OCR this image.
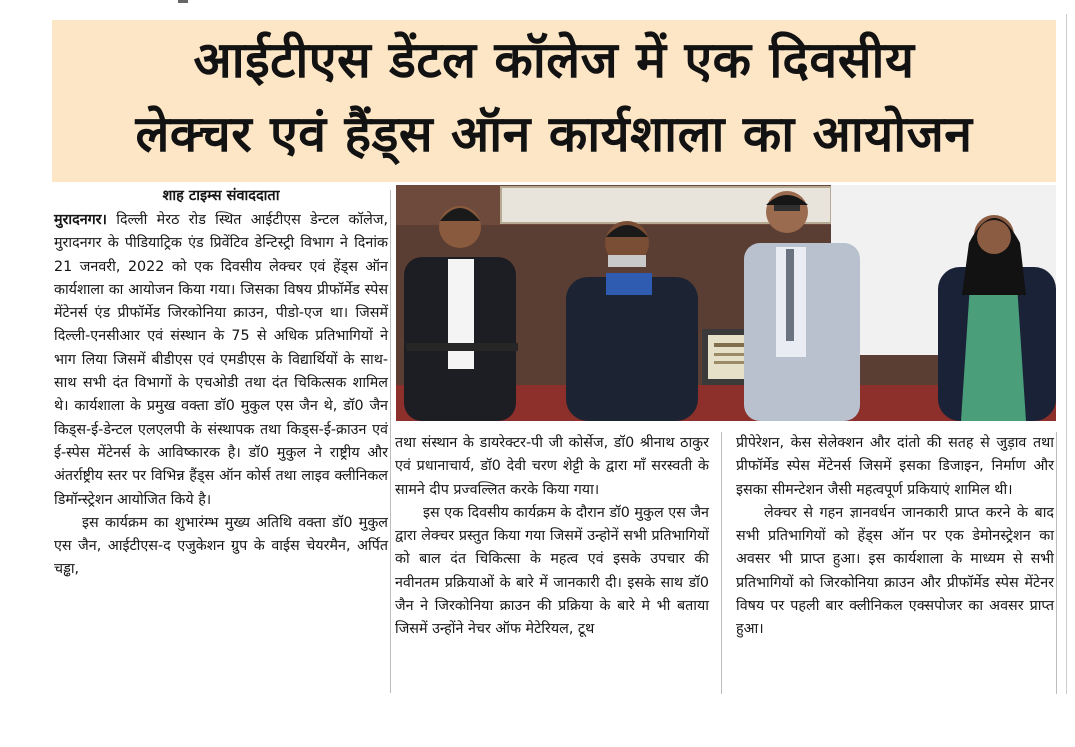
आईटीएस डेंटल कॉलेज में एक दिवसीय
लेक्चर एवं हैंड्स ऑन कार्यशाला का आयोजन
शाह टाइम्स संवाददाता

मुरादनगर। दिल्ली मेरठ रोड स्थित आईटीएस डेन्टल कॉलेज, मुरादनगर के पीडियाट्रिक एंड प्रिवेंटिव डेन्टिस्ट्री विभाग ने दिनांक 21 जनवरी, 2022 को एक दिवसीय लेक्चर एवं हेंड्स ऑन कार्यशाला का आयोजन किया गया। जिसका विषय प्रीफॉर्मेड स्पेस मेंटेनर्स एंड प्रीफॉर्मेड जिरकोनिया क्राउन, पीडो-एज था। जिसमें दिल्ली-एनसीआर एवं संस्थान के 75 से अधिक प्रतिभागियों ने भाग लिया जिसमें बीडीएस एवं एमडीएस के विद्यार्थियों के साथ-साथ सभी दंत विभागों के एचओडी तथा दंत चिकित्सक शामिल थे। कार्यशाला के प्रमुख वक्ता डॉ0 मुकुल एस जैन थे, डॉ0 जैन किड्स-ई-डेन्टल एलएलपी के संस्थापक तथा किड्स-ई-क्राउन एवं ई-स्पेस मेंटेनर्स के आविष्कारक है। डॉ0 मुकुल ने राष्ट्रीय और अंतर्राष्ट्रीय स्तर पर विभिन्न हैंड्स ऑन कोर्स तथा लाइव क्लीनिकल डिमॉन्स्ट्रेशन आयोजित किये है।

इस कार्यक्रम का शुभारंम्भ मुख्य अतिथि वक्ता डॉ0 मुकुल एस जैन, आईटीएस-द एजुकेशन ग्रुप के वाईस चेयरमैन, अर्पित चड्ढा,

तथा संस्थान के डायरेक्टर-पी जी कोर्सेज, डॉ0 श्रीनाथ ठाकुर एवं प्रधानाचार्य, डॉ0 देवी चरण शेट्टी के द्वारा माँ सरस्वती के सामने दीप प्रज्वल्लित करके किया गया।

इस एक दिवसीय कार्यक्रम के दौरान डॉ0 मुकुल एस जैन द्वारा लेक्चर प्रस्तुत किया गया जिसमें उन्होनें सभी प्रतिभागियों को बाल दंत चिकित्सा के महत्व एवं इसके उपचार की नवीनतम प्रक्रियाओं के बारे में जानकारी दी। इसके साथ डॉ0 जैन ने जिरकोनिया क्राउन की प्रक्रिया के बारे मे भी बताया जिसमें उन्होंने नेचर ऑफ मेटेरियल, टूथ

प्रीपेरेशन, केस सेलेक्शन और दांतो की सतह से जुड़ाव तथा प्रीफॉर्मेड स्पेस मेंटेनर्स जिसमें इसका डिजाइन, निर्माण और इसका सीमन्टेशन जैसी महत्वपूर्ण प्रकियाएं शामिल थी।

लेक्चर से गहन ज्ञानवर्धन जानकारी प्राप्त करने के बाद सभी प्रतिभागियों को हेंड्स ऑन पर एक डेमोनस्ट्रेशन का अवसर भी प्राप्त हुआ। इस कार्यशाला के माध्यम से सभी प्रतिभागियों को जिरकोनिया क्राउन और प्रीफॉर्मेड स्पेस मेंटेनर विषय पर पहली बार क्लीनिकल एक्सपोजर का अवसर प्राप्त हुआ।
